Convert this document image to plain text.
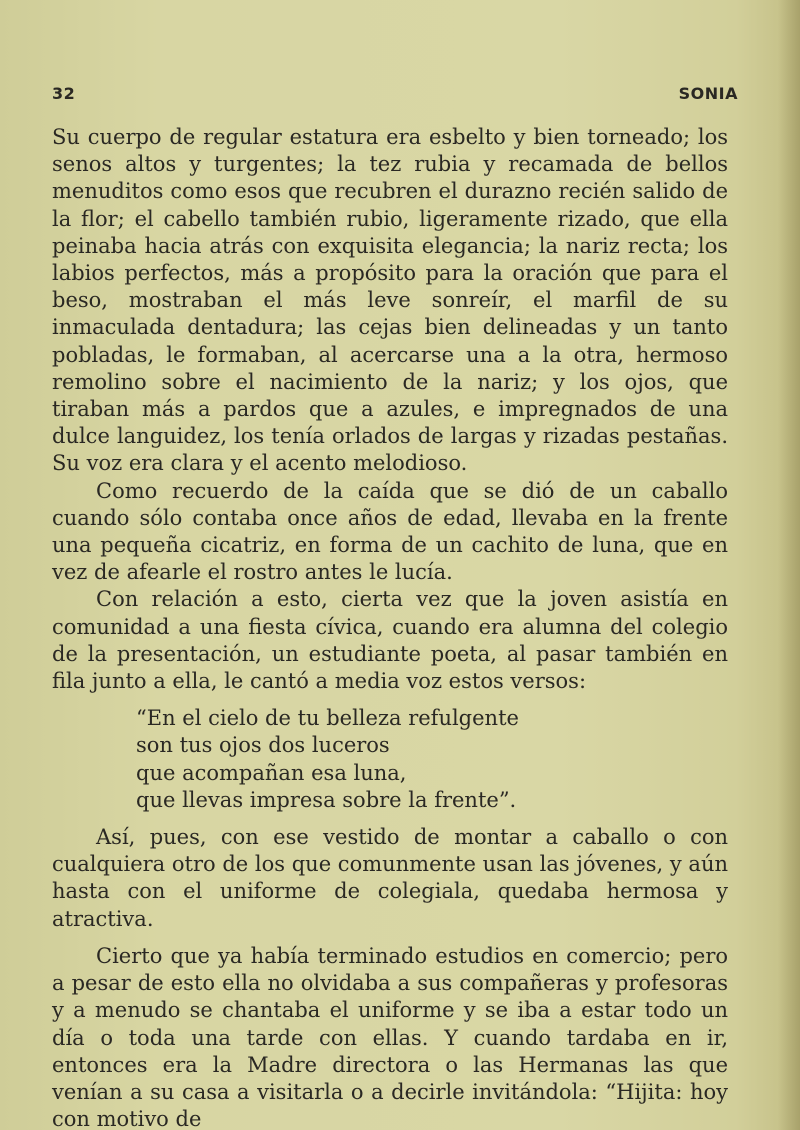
32	SONIA

Su cuerpo de regular estatura era esbelto y bien torneado; los senos altos y turgentes; la tez rubia y recamada de bellos menuditos como esos que recubren el durazno recién salido de la flor; el cabello también rubio, ligeramente rizado, que ella peinaba hacia atrás con exquisita elegancia; la nariz recta; los labios perfectos, más a propósito para la oración que para el beso, mostraban el más leve sonreír, el marfil de su inmaculada dentadura; las cejas bien delineadas y un tanto pobladas, le formaban, al acercarse una a la otra, hermoso remolino sobre el nacimiento de la nariz; y los ojos, que tiraban más a pardos que a azules, e impregnados de una dulce languidez, los tenía orlados de largas y rizadas pestañas. Su voz era clara y el acento melodioso.

Como recuerdo de la caída que se dió de un caballo cuando sólo contaba once años de edad, llevaba en la frente una pequeña cicatriz, en forma de un cachito de luna, que en vez de afearle el rostro antes le lucía.

Con relación a esto, cierta vez que la joven asistía en comunidad a una fiesta cívica, cuando era alumna del colegio de la presentación, un estudiante poeta, al pasar también en fila junto a ella, le cantó a media voz estos versos:

“En el cielo de tu belleza refulgente
son tus ojos dos luceros
que acompañan esa luna,
que llevas impresa sobre la frente”.

Así, pues, con ese vestido de montar a caballo o con cualquiera otro de los que comunmente usan las jóvenes, y aún hasta con el uniforme de colegiala, quedaba hermosa y atractiva.

Cierto que ya había terminado estudios en comercio; pero a pesar de esto ella no olvidaba a sus compañeras y profesoras y a menudo se chantaba el uniforme y se iba a estar todo un día o toda una tarde con ellas. Y cuando tardaba en ir, entonces era la Madre directora o las Hermanas las que venían a su casa a visitarla o a decirle invitándola: “Hijita: hoy con motivo de
